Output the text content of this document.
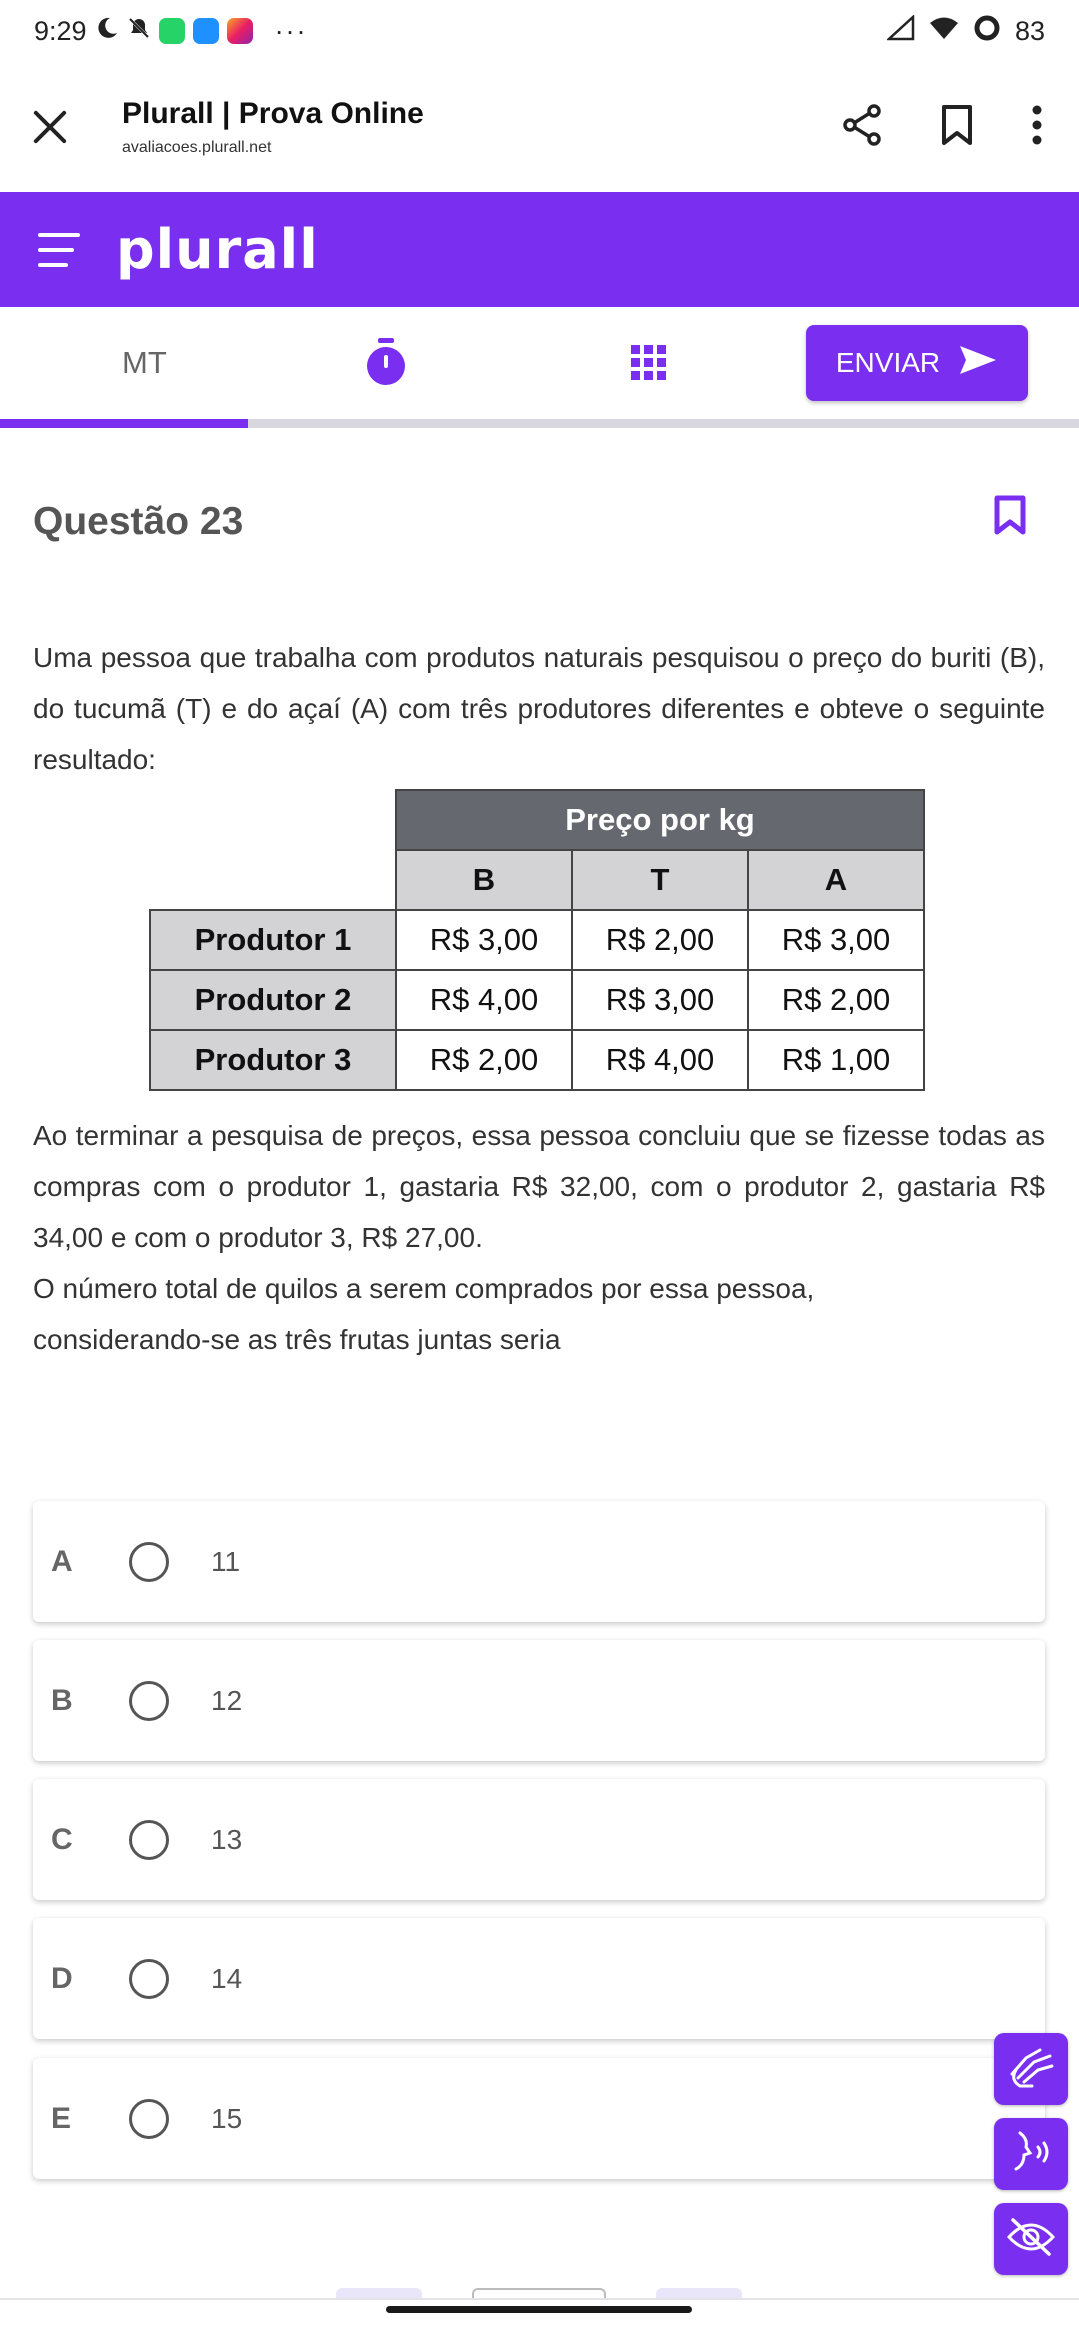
9:29	···	83
Plurall | Prova Online
avaliacoes.plurall.net
plurall
MT	ENVIAR
Questão 23

Uma pessoa que trabalha com produtos naturais pesquisou o preço do buriti (B), do tucumã (T) e do açaí (A) com três produtores diferentes e obteve o seguinte resultado:

	Preço por kg		
	B	T	A
Produtor 1	R$ 3,00	R$ 2,00	R$ 3,00
Produtor 2	R$ 4,00	R$ 3,00	R$ 2,00
Produtor 3	R$ 2,00	R$ 4,00	R$ 1,00

Ao terminar a pesquisa de preços, essa pessoa concluiu que se fizesse todas as compras com o produtor 1, gastaria R$ 32,00, com o produtor 2, gastaria R$ 34,00 e com o produtor 3, R$ 27,00.

O número total de quilos a serem comprados por essa pessoa,

considerando-se as três frutas juntas seria

A	11
B	12
C	13
D	14
E	15
